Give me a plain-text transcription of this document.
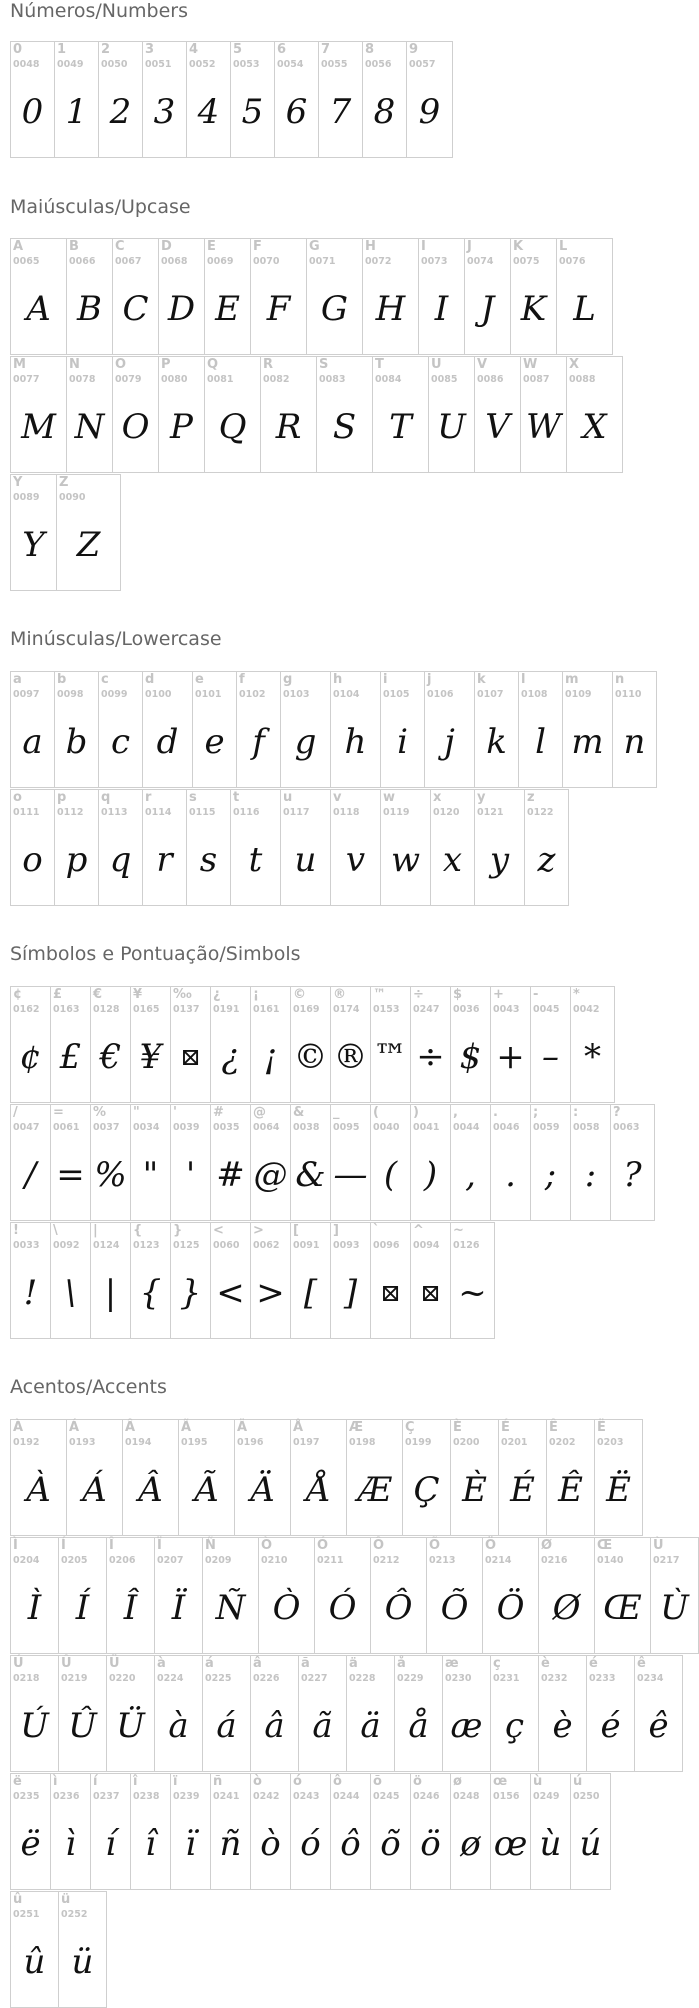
Números/Numbers
0
0048
0
1
0049
1
2
0050
2
3
0051
3
4
0052
4
5
0053
5
6
0054
6
7
0055
7
8
0056
8
9
0057
9
Maiúsculas/Upcase
A
0065
A
B
0066
B
C
0067
C
D
0068
D
E
0069
E
F
0070
F
G
0071
G
H
0072
H
I
0073
I
J
0074
J
K
0075
K
L
0076
L
M
0077
M
N
0078
N
O
0079
O
P
0080
P
Q
0081
Q
R
0082
R
S
0083
S
T
0084
T
U
0085
U
V
0086
V
W
0087
W
X
0088
X
Y
0089
Y
Z
0090
Z
Minúsculas/Lowercase
a
0097
a
b
0098
b
c
0099
c
d
0100
d
e
0101
e
f
0102
f
g
0103
g
h
0104
h
i
0105
i
j
0106
j
k
0107
k
l
0108
l
m
0109
m
n
0110
n
o
0111
o
p
0112
p
q
0113
q
r
0114
r
s
0115
s
t
0116
t
u
0117
u
v
0118
v
w
0119
w
x
0120
x
y
0121
y
z
0122
z
Símbolos e Pontuação/Simbols
¢
0162
¢
£
0163
£
€
0128
€
¥
0165
¥
‰
0137
⊠
¿
0191
¿
¡
0161
¡
©
0169
©
®
0174
®
™
0153
™
÷
0247
÷
$
0036
$
+
0043
+
-
0045
–
*
0042
*
/
0047
/
=
0061
=
%
0037
%
"
0034
"
'
0039
'
#
0035
#
@
0064
@
&
0038
&
_
0095
—
(
0040
(
)
0041
)
,
0044
,
.
0046
.
;
0059
;
:
0058
:
?
0063
?
!
0033
!
\
0092
\
|
0124
|
{
0123
{
}
0125
}
<
0060
<
>
0062
>
[
0091
[
]
0093
]
`
0096
⊠
^
0094
⊠
~
0126
~
Acentos/Accents
À
0192
À
Á
0193
Á
Â
0194
Â
Ã
0195
Ã
Ä
0196
Ä
Å
0197
Å
Æ
0198
Æ
Ç
0199
Ç
È
0200
È
É
0201
É
Ê
0202
Ê
Ë
0203
Ë
Ì
0204
Ì
Í
0205
Í
Î
0206
Î
Ï
0207
Ï
Ñ
0209
Ñ
Ò
0210
Ò
Ó
0211
Ó
Ô
0212
Ô
Õ
0213
Õ
Ö
0214
Ö
Ø
0216
Ø
Œ
0140
Œ
Ù
0217
Ù
Ú
0218
Ú
Û
0219
Û
Ü
0220
Ü
à
0224
à
á
0225
á
â
0226
â
ã
0227
ã
ä
0228
ä
å
0229
å
æ
0230
æ
ç
0231
ç
è
0232
è
é
0233
é
ê
0234
ê
ë
0235
ë
ì
0236
ì
í
0237
í
î
0238
î
ï
0239
ï
ñ
0241
ñ
ò
0242
ò
ó
0243
ó
ô
0244
ô
õ
0245
õ
ö
0246
ö
ø
0248
ø
œ
0156
œ
ù
0249
ù
ú
0250
ú
û
0251
û
ü
0252
ü
